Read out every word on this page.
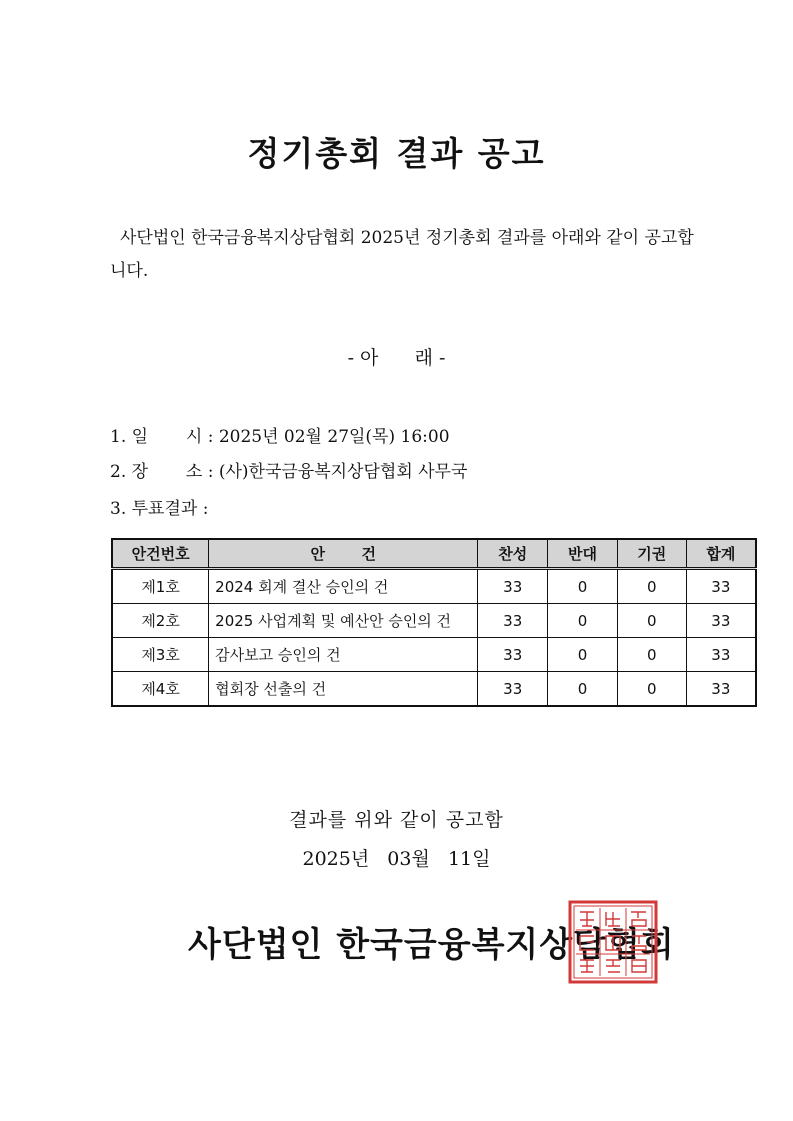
정기총회 결과 공고
사단법인 한국금융복지상담협회 2025년 정기총회 결과를 아래와 같이 공고합니다.
- 아      래 -
1. 일       시 : 2025년 02월 27일(목) 16:00
2. 장       소 : (사)한국금융복지상담협회 사무국
3. 투표결과 :
안건번호	안       건	찬성	반대	기권	합계
제1호	2024 회계 결산 승인의 건	33	0	0	33
제2호	2025 사업계획 및 예산안 승인의 건	33	0	0	33
제3호	감사보고 승인의 건	33	0	0	33
제4호	협회장 선출의 건	33	0	0	33
결과를 위와 같이 공고함
2025년   03월   11일
사단법인 한국금융복지상담협회
